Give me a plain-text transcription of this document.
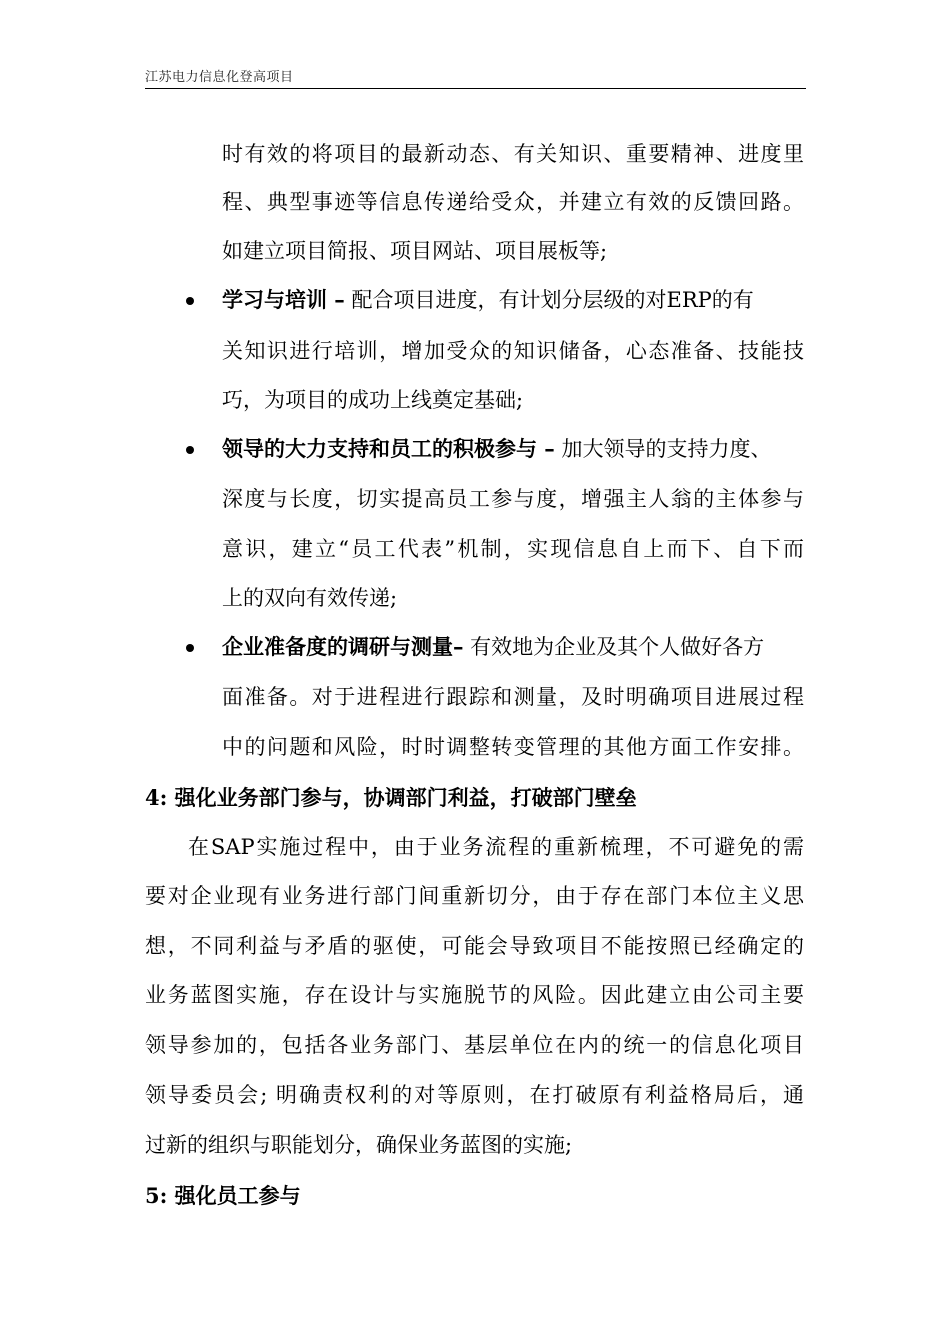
江苏电力信息化登高项目
时有效的将项目的最新动态、有关知识、重要精神、进度里
程、典型事迹等信息传递给受众，并建立有效的反馈回路。
如建立项目简报、项目网站、项目展板等;
学习与培训 – 配合项目进度，有计划分层级的对ERP的有
关知识进行培训，增加受众的知识储备，心态准备、技能技
巧，为项目的成功上线奠定基础;
领导的大力支持和员工的积极参与 – 加大领导的支持力度、
深度与长度，切实提高员工参与度，增强主人翁的主体参与
意识，建立“员工代表”机制，实现信息自上而下、自下而
上的双向有效传递;
企业准备度的调研与测量– 有效地为企业及其个人做好各方
面准备。对于进程进行跟踪和测量，及时明确项目进展过程
中的问题和风险，时时调整转变管理的其他方面工作安排。
4: 强化业务部门参与，协调部门利益，打破部门壁垒
在SAP实施过程中，由于业务流程的重新梳理，不可避免的需
要对企业现有业务进行部门间重新切分，由于存在部门本位主义思
想，不同利益与矛盾的驱使，可能会导致项目不能按照已经确定的
业务蓝图实施，存在设计与实施脱节的风险。因此建立由公司主要
领导参加的，包括各业务部门、基层单位在内的统一的信息化项目
领导委员会; 明确责权利的对等原则，在打破原有利益格局后，通
过新的组织与职能划分，确保业务蓝图的实施;
5: 强化员工参与
